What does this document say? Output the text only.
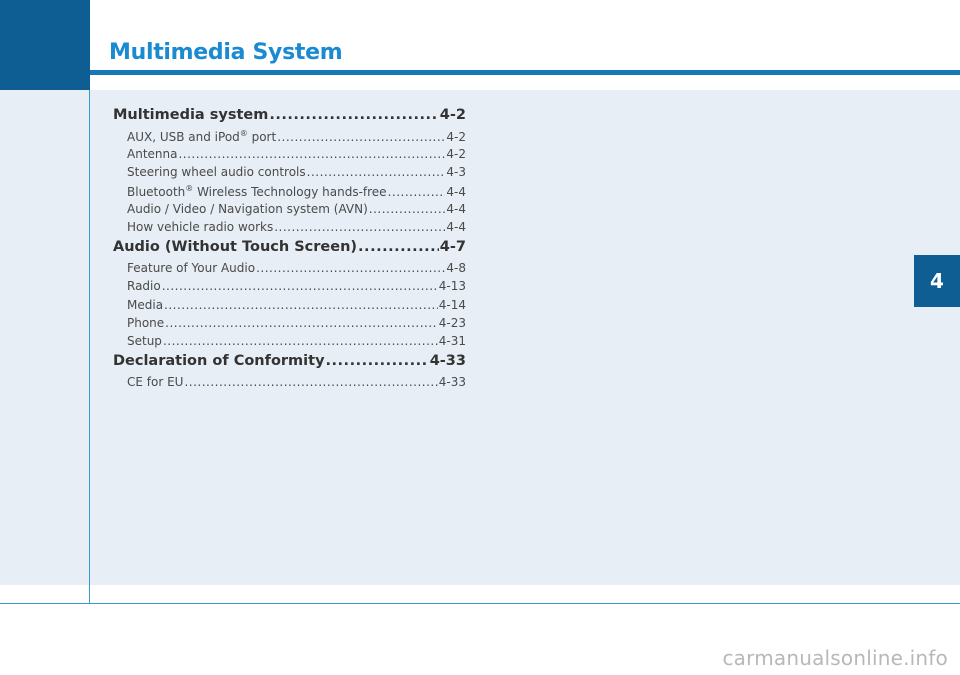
Multimedia System
4
Multimedia system .....	4-2
AUX, USB and iPod® port .....	4-2
Antenna .....	4-2
Steering wheel audio controls .....	4-3
Bluetooth® Wireless Technology hands-free .....	4-4
Audio / Video / Navigation system (AVN) .....	4-4
How vehicle radio works .....	4-4
Audio (Without Touch Screen) .....	4-7
Feature of Your Audio .....	4-8
Radio .....	4-13
Media .....	4-14
Phone .....	4-23
Setup .....	4-31
Declaration of Conformity .....	4-33
CE for EU .....	4-33
carmanualsonline.info
